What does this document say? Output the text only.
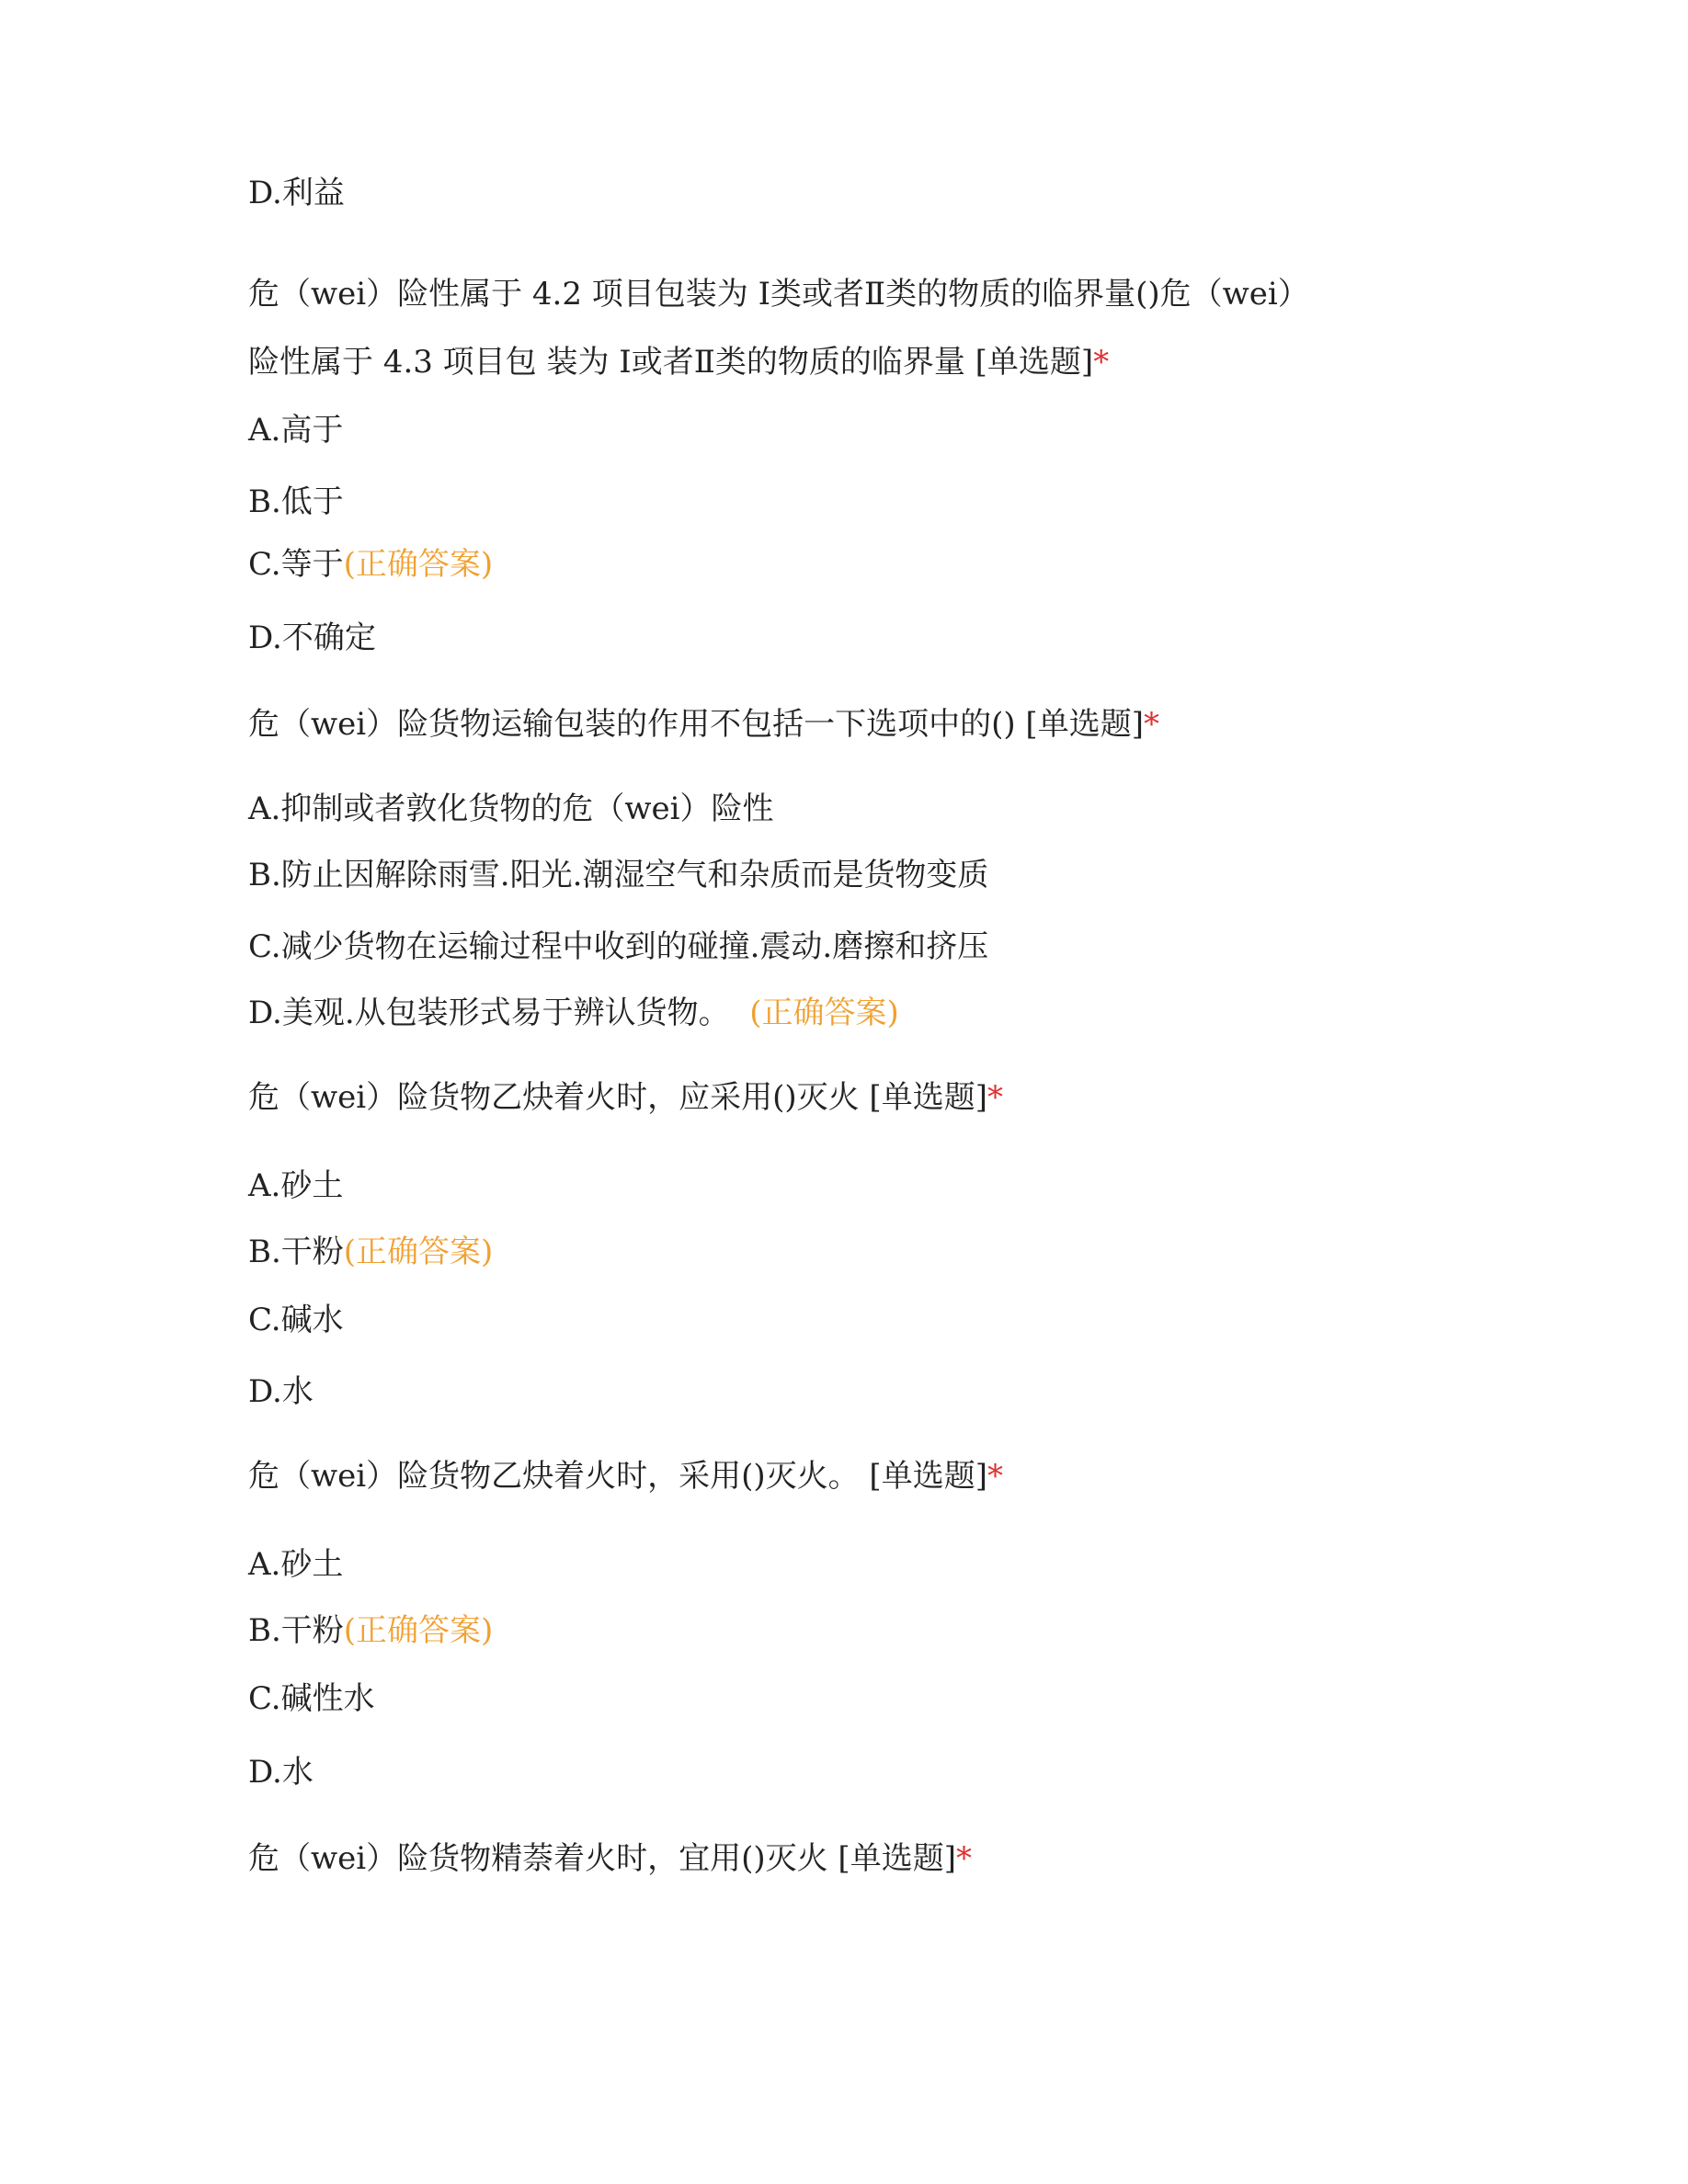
D.利益
危（wei）险性属于 4.2 项目包装为 Ⅰ类或者Ⅱ类的物质的临界量()危（wei）
险性属于 4.3 项目包 装为 Ⅰ或者Ⅱ类的物质的临界量 [单选题]*
A.高于
B.低于
C.等于(正确答案)
D.不确定
危（wei）险货物运输包装的作用不包括一下选项中的() [单选题]*
A.抑制或者敦化货物的危（wei）险性
B.防止因解除雨雪.阳光.潮湿空气和杂质而是货物变质
C.减少货物在运输过程中收到的碰撞.震动.磨擦和挤压
D.美观.从包装形式易于辨认货物。 (正确答案)
危（wei）险货物乙炔着火时，应采用()灭火 [单选题]*
A.砂土
B.干粉(正确答案)
C.碱水
D.水
危（wei）险货物乙炔着火时，采用()灭火。 [单选题]*
A.砂土
B.干粉(正确答案)
C.碱性水
D.水
危（wei）险货物精萘着火时，宜用()灭火 [单选题]*
